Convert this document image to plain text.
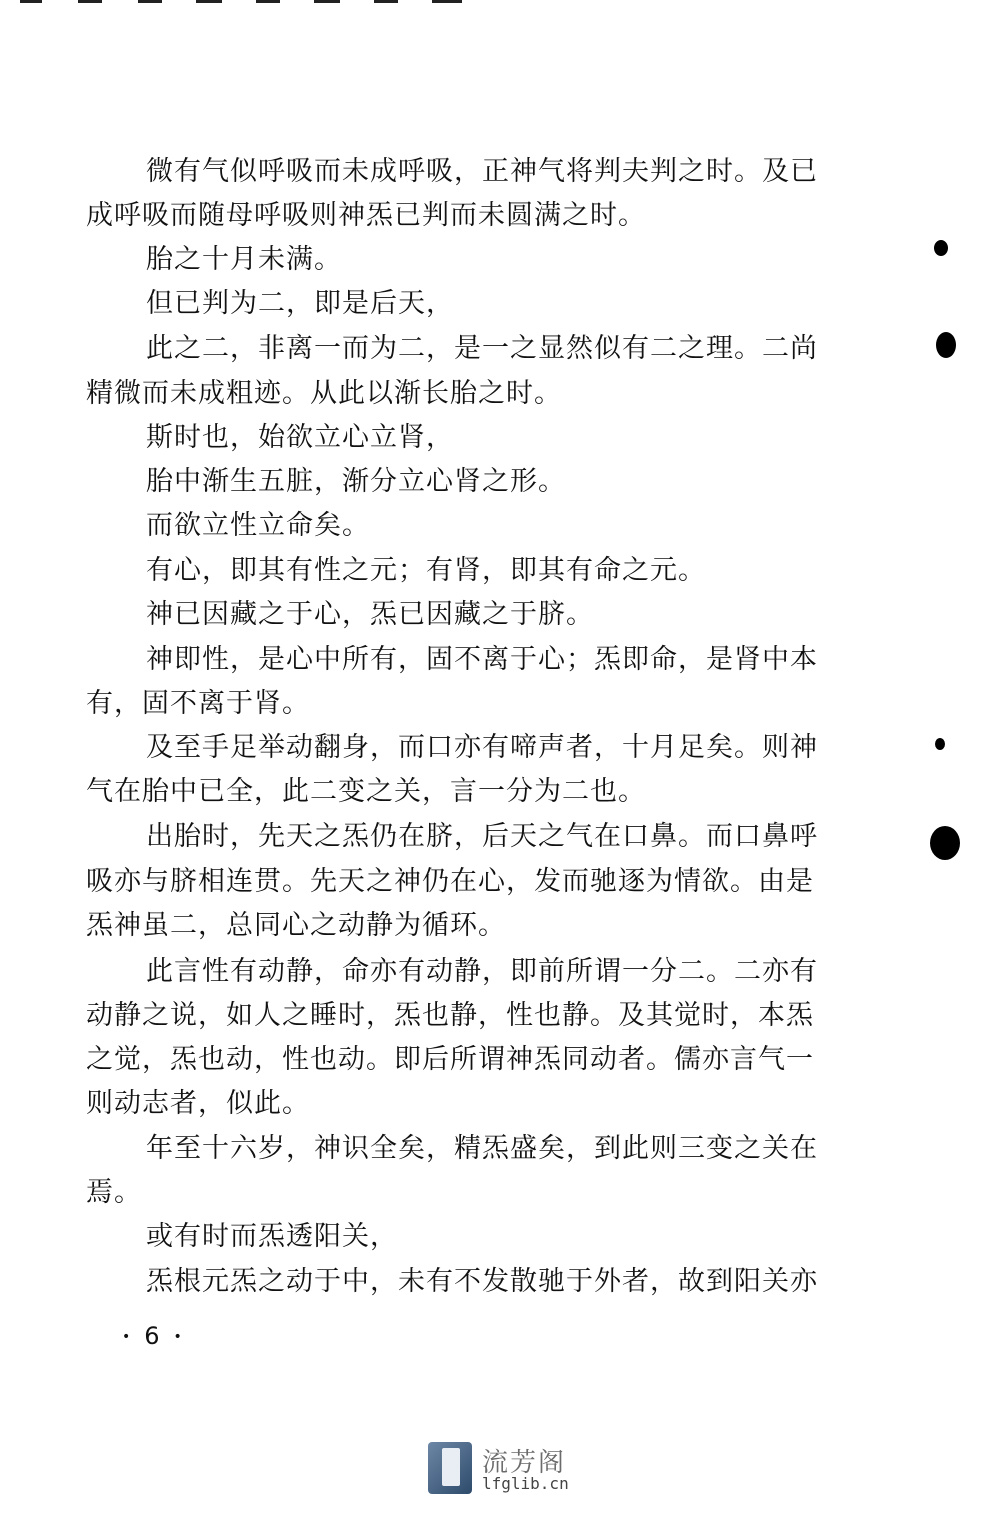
微有气似呼吸而未成呼吸，正神气将判夫判之时。及已
成呼吸而随母呼吸则神炁已判而未圆满之时。
胎之十月未满。
但已判为二，即是后天，
此之二，非离一而为二，是一之显然似有二之理。二尚
精微而未成粗迹。从此以渐长胎之时。
斯时也，始欲立心立肾，
胎中渐生五脏，渐分立心肾之形。
而欲立性立命矣。
有心，即其有性之元；有肾，即其有命之元。
神已因藏之于心，炁已因藏之于脐。
神即性，是心中所有，固不离于心；炁即命，是肾中本
有，固不离于肾。
及至手足举动翻身，而口亦有啼声者，十月足矣。则神
气在胎中已全，此二变之关，言一分为二也。
出胎时，先天之炁仍在脐，后天之气在口鼻。而口鼻呼
吸亦与脐相连贯。先天之神仍在心，发而驰逐为情欲。由是
炁神虽二，总同心之动静为循环。
此言性有动静，命亦有动静，即前所谓一分二。二亦有
动静之说，如人之睡时，炁也静，性也静。及其觉时，本炁
之觉，炁也动，性也动。即后所谓神炁同动者。儒亦言气一
则动志者，似此。
年至十六岁，神识全矣，精炁盛矣，到此则三变之关在
焉。
或有时而炁透阳关，
炁根元炁之动于中，未有不发散驰于外者，故到阳关亦
• 6 •
流芳阁
lfglib.cn
